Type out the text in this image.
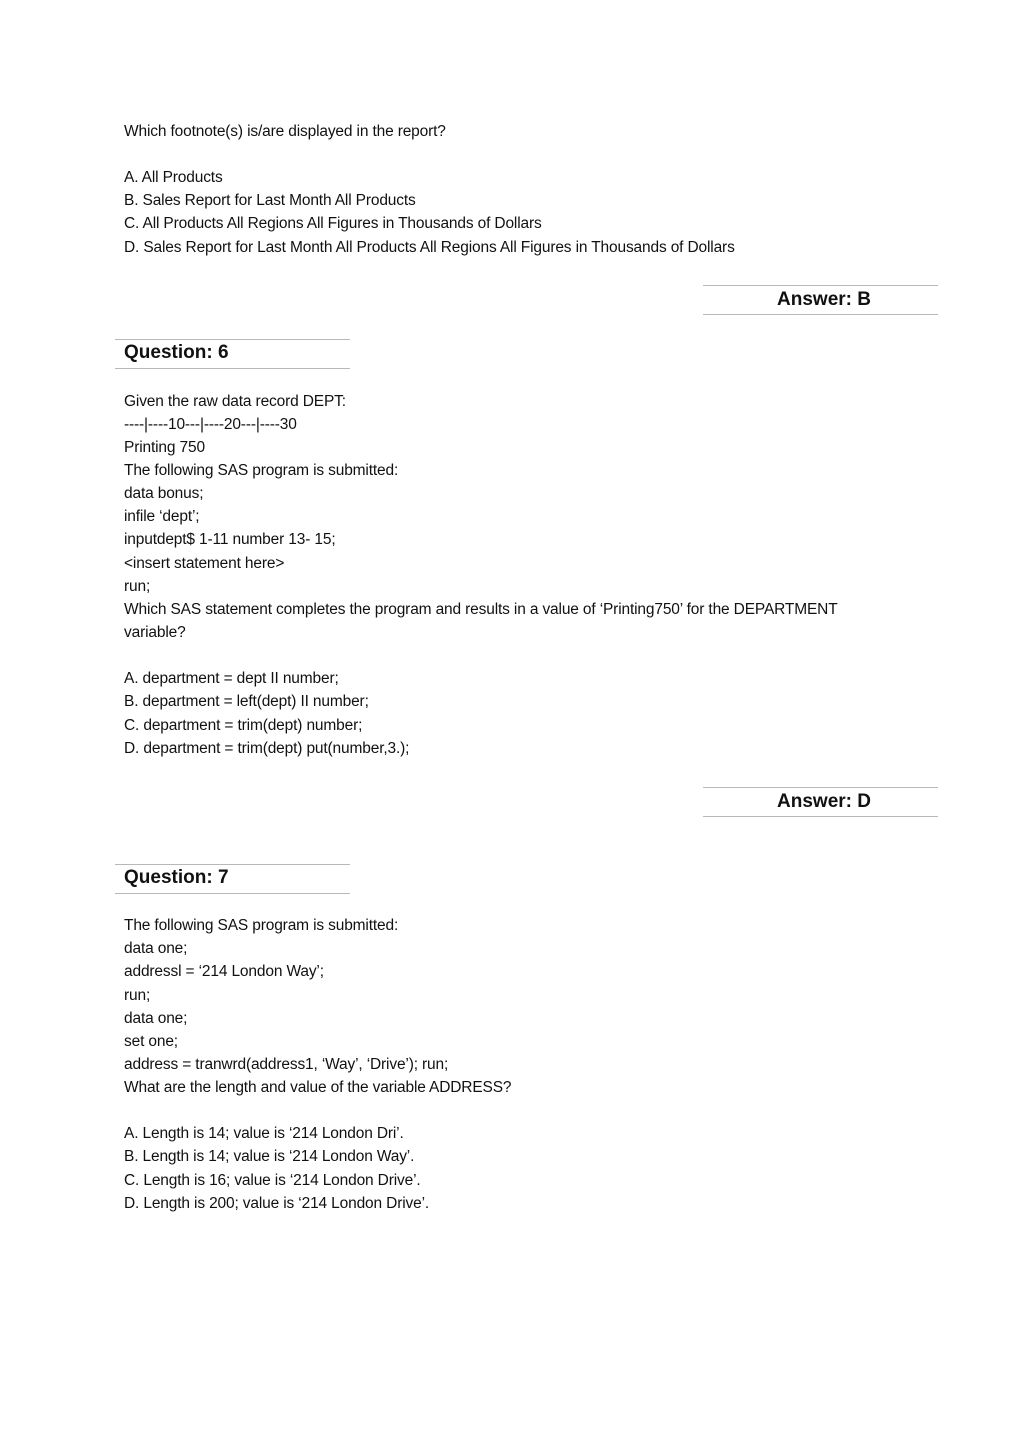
Which footnote(s) is/are displayed in the report?
A. All Products
B. Sales Report for Last Month All Products
C. All Products All Regions All Figures in Thousands of Dollars
D. Sales Report for Last Month All Products All Regions All Figures in Thousands of Dollars
Answer: B
Question: 6
Given the raw data record DEPT:
----|----10---|----20---|----30
Printing 750
The following SAS program is submitted:
data bonus;
infile ‘dept’;
inputdept$ 1-11 number 13- 15;
<insert statement here>
run;
Which SAS statement completes the program and results in a value of ‘Printing750’ for the DEPARTMENT
variable?
A. department = dept II number;
B. department = left(dept) II number;
C. department = trim(dept) number;
D. department = trim(dept) put(number,3.);
Answer: D
Question: 7
The following SAS program is submitted:
data one;
addressl = ‘214 London Way’;
run;
data one;
set one;
address = tranwrd(address1, ‘Way’, ‘Drive’); run;
What are the length and value of the variable ADDRESS?
A. Length is 14; value is ‘214 London Dri’.
B. Length is 14; value is ‘214 London Way’.
C. Length is 16; value is ‘214 London Drive’.
D. Length is 200; value is ‘214 London Drive’.
